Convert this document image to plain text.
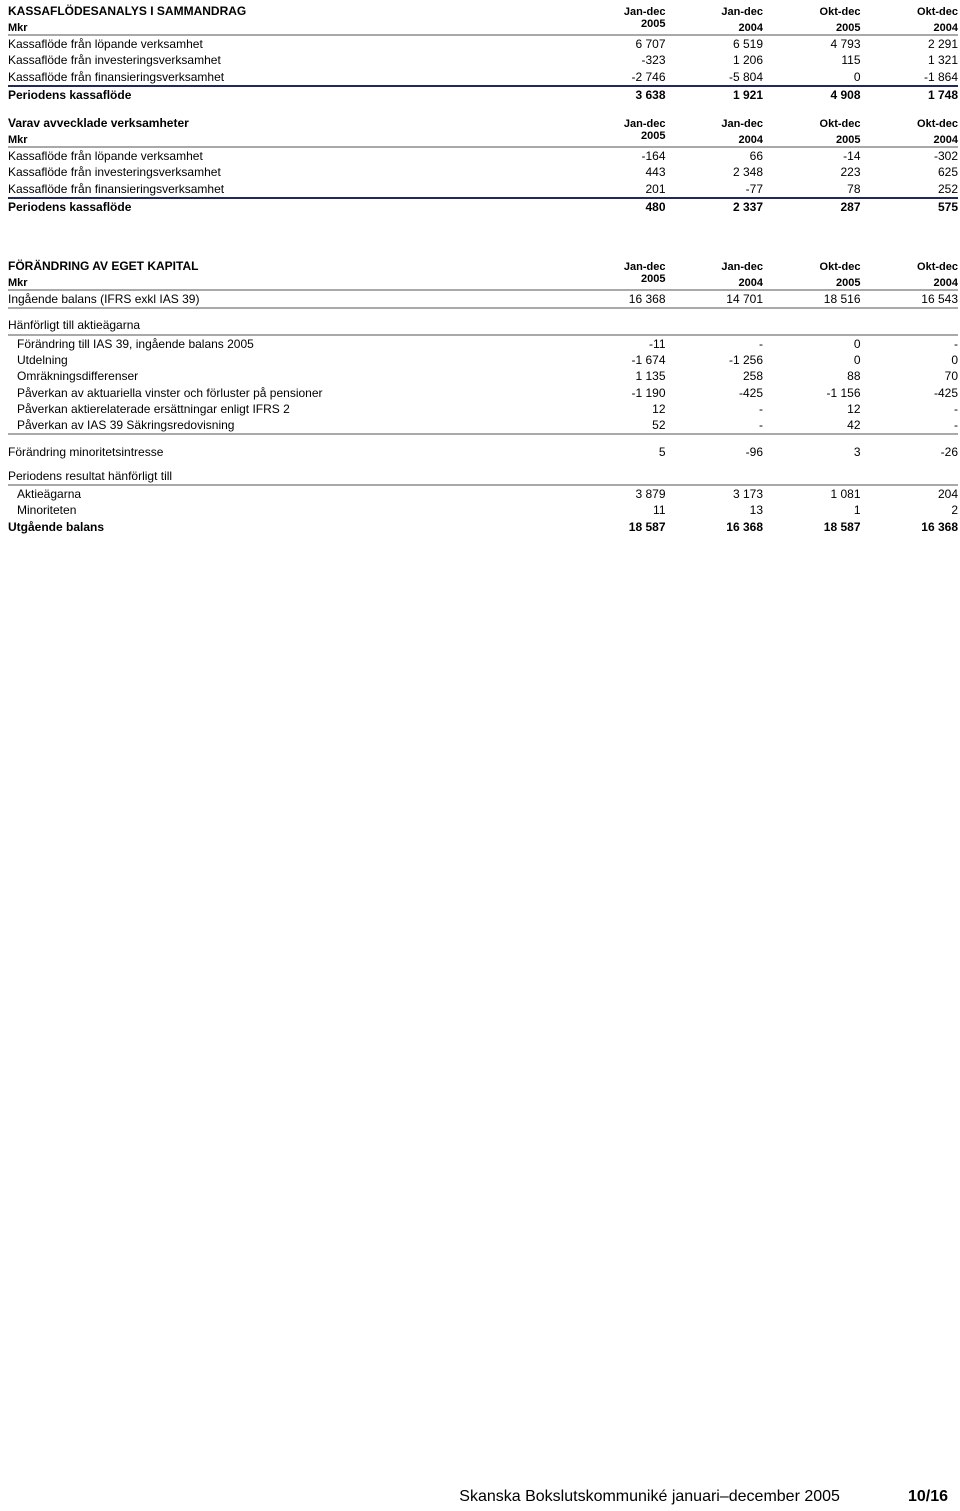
KASSAFLÖDESANALYS I SAMMANDRAG	Jan-dec	Jan-dec	Okt-dec	Okt-dec
Mkr	2005	2004	2005	2004
Kassaflöde från löpande verksamhet	6 707	6 519	4 793	2 291
Kassaflöde från investeringsverksamhet	-323	1 206	115	1 321
Kassaflöde från finansieringsverksamhet	-2 746	-5 804	0	-1 864
Periodens kassaflöde	3 638	1 921	4 908	1 748
Varav avvecklade verksamheter	Jan-dec	Jan-dec	Okt-dec	Okt-dec
Mkr	2005	2004	2005	2004
Kassaflöde från löpande verksamhet	-164	66	-14	-302
Kassaflöde från investeringsverksamhet	443	2 348	223	625
Kassaflöde från finansieringsverksamhet	201	-77	78	252
Periodens kassaflöde	480	2 337	287	575
FÖRÄNDRING AV EGET KAPITAL	Jan-dec	Jan-dec	Okt-dec	Okt-dec
Mkr	2005	2004	2005	2004
Ingående balans (IFRS exkl IAS 39)	16 368	14 701	18 516	16 543

Hänförligt till aktieägarna				
Förändring till IAS 39, ingående balans 2005	-11	-	0	-
Utdelning	-1 674	-1 256	0	0
Omräkningsdifferenser	1 135	258	88	70
Påverkan av aktuariella vinster och förluster på pensioner	-1 190	-425	-1 156	-425
Påverkan aktierelaterade ersättningar enligt IFRS 2	12	-	12	-
Påverkan av IAS 39 Säkringsredovisning	52	-	42	-

Förändring minoritetsintresse	5	-96	3	-26

Periodens resultat hänförligt till				
Aktieägarna	3 879	3 173	1 081	204
Minoriteten	11	13	1	2
Utgående balans	18 587	16 368	18 587	16 368
Skanska Bokslutskommuniké januari–december 2005	10/16
